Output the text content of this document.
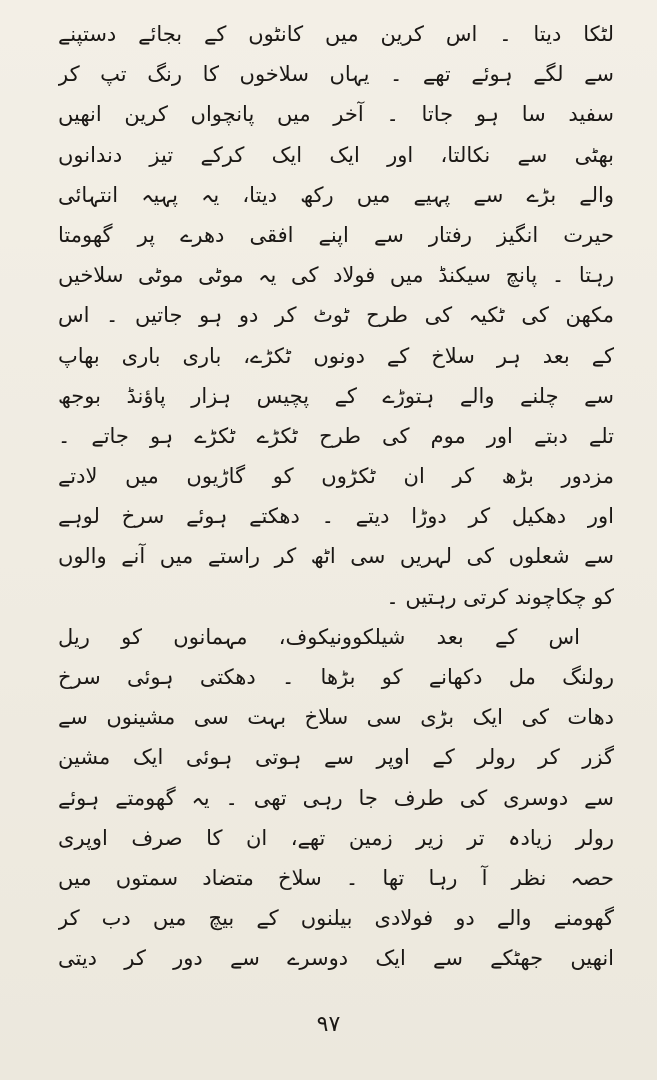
لٹکا دیتا ۔ اس کرین میں کانٹوں کے بجائے دستپنے
سے لگے ہوئے تھے ۔ یہاں سلاخوں کا رنگ تپ کر
سفید سا ہو جاتا ۔ آخر میں پانچواں کرین انھیں
بھٹی سے نکالتا، اور ایک ایک کرکے تیز دندانوں
والے بڑے سے پہیے میں رکھ دیتا، یہ پہیہ انتہائی
حیرت انگیز رفتار سے اپنے افقی دھرے پر گھومتا
رہتا ۔ پانچ سیکنڈ میں فولاد کی یہ موٹی موٹی سلاخیں
مکھن کی ٹکیہ کی طرح ٹوٹ کر دو ہو جاتیں ۔ اس
کے بعد ہر سلاخ کے دونوں ٹکڑے، باری باری بھاپ
سے چلنے والے ہتوڑے کے پچیس ہزار پاؤنڈ بوجھ
تلے دبتے اور موم کی طرح ٹکڑے ٹکڑے ہو جاتے ۔
مزدور بڑھ کر ان ٹکڑوں کو گاڑیوں میں لادتے
اور دھکیل کر دوڑا دیتے ۔ دھکتے ہوئے سرخ لوہے
سے شعلوں کی لہریں سی اٹھ کر راستے میں آنے والوں
کو چکاچوند کرتی رہتیں ۔
اس کے بعد شیلکوونیکوف، مہمانوں کو ریل
رولنگ مل دکھانے کو بڑھا ۔ دھکتی ہوئی سرخ
دھات کی ایک بڑی سی سلاخ بہت سی مشینوں سے
گزر کر رولر کے اوپر سے ہوتی ہوئی ایک مشین
سے دوسری کی طرف جا رہی تھی ۔ یہ گھومتے ہوئے
رولر زیادہ تر زیر زمین تھے، ان کا صرف اوپری
حصہ نظر آ رہا تھا ۔ سلاخ متضاد سمتوں میں
گھومنے والے دو فولادی بیلنوں کے بیچ میں دب کر
انھیں جھٹکے سے ایک دوسرے سے دور کر دیتی
۹۷
